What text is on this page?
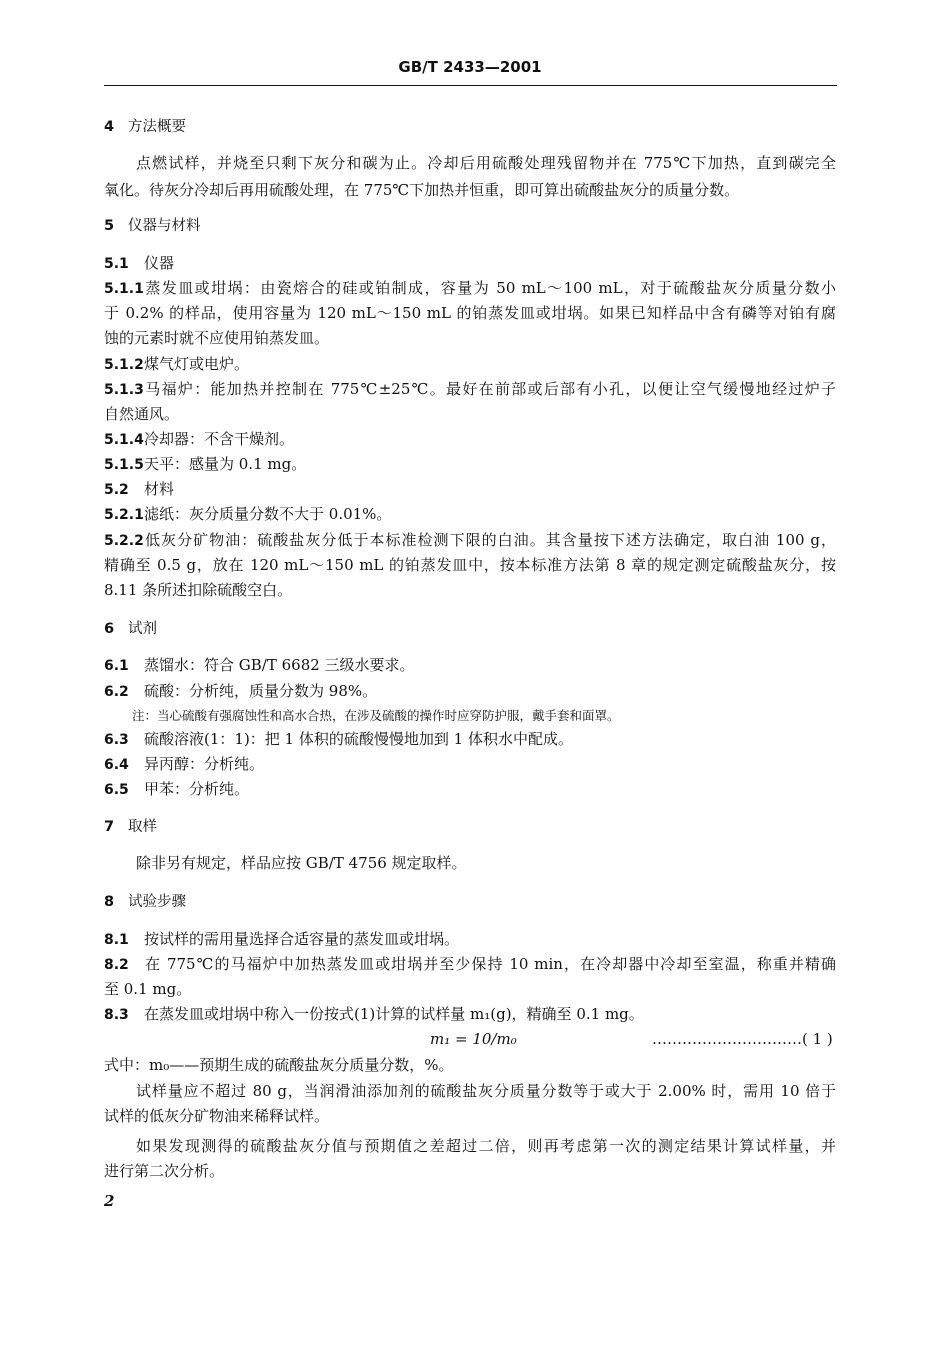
GB/T 2433—2001
4 方法概要
点燃试样，并烧至只剩下灰分和碳为止。冷却后用硫酸处理残留物并在 775℃下加热，直到碳完全
氧化。待灰分冷却后再用硫酸处理，在 775℃下加热并恒重，即可算出硫酸盐灰分的质量分数。
5 仪器与材料
5.1 仪器
5.1.1蒸发皿或坩埚：由瓷熔合的硅或铂制成，容量为 50 mL～100 mL，对于硫酸盐灰分质量分数小
于 0.2% 的样品，使用容量为 120 mL～150 mL 的铂蒸发皿或坩埚。如果已知样品中含有磷等对铂有腐
蚀的元素时就不应使用铂蒸发皿。
5.1.2煤气灯或电炉。
5.1.3马福炉：能加热并控制在 775℃±25℃。最好在前部或后部有小孔，以便让空气缓慢地经过炉子
自然通风。
5.1.4冷却器：不含干燥剂。
5.1.5天平：感量为 0.1 mg。
5.2 材料
5.2.1滤纸：灰分质量分数不大于 0.01%。
5.2.2低灰分矿物油：硫酸盐灰分低于本标准检测下限的白油。其含量按下述方法确定，取白油 100 g，
精确至 0.5 g，放在 120 mL～150 mL 的铂蒸发皿中，按本标准方法第 8 章的规定测定硫酸盐灰分，按
8.11 条所述扣除硫酸空白。
6 试剂
6.1 蒸馏水：符合 GB/T 6682 三级水要求。
6.2 硫酸：分析纯，质量分数为 98%。
注：当心硫酸有强腐蚀性和高水合热，在涉及硫酸的操作时应穿防护服，戴手套和面罩。
6.3 硫酸溶液(1：1)：把 1 体积的硫酸慢慢地加到 1 体积水中配成。
6.4 异丙醇：分析纯。
6.5 甲苯：分析纯。
7 取样
除非另有规定，样品应按 GB/T 4756 规定取样。
8 试验步骤
8.1 按试样的需用量选择合适容量的蒸发皿或坩埚。
8.2 在 775℃的马福炉中加热蒸发皿或坩埚并至少保持 10 min，在冷却器中冷却至室温，称重并精确
至 0.1 mg。
8.3 在蒸发皿或坩埚中称入一份按式(1)计算的试样量 m₁(g)，精确至 0.1 mg。
m₁ = 10/m₀	…………………………( 1 )
式中：m₀——预期生成的硫酸盐灰分质量分数，%。
试样量应不超过 80 g，当润滑油添加剂的硫酸盐灰分质量分数等于或大于 2.00% 时，需用 10 倍于
试样的低灰分矿物油来稀释试样。
如果发现测得的硫酸盐灰分值与预期值之差超过二倍，则再考虑第一次的测定结果计算试样量，并
进行第二次分析。
2
